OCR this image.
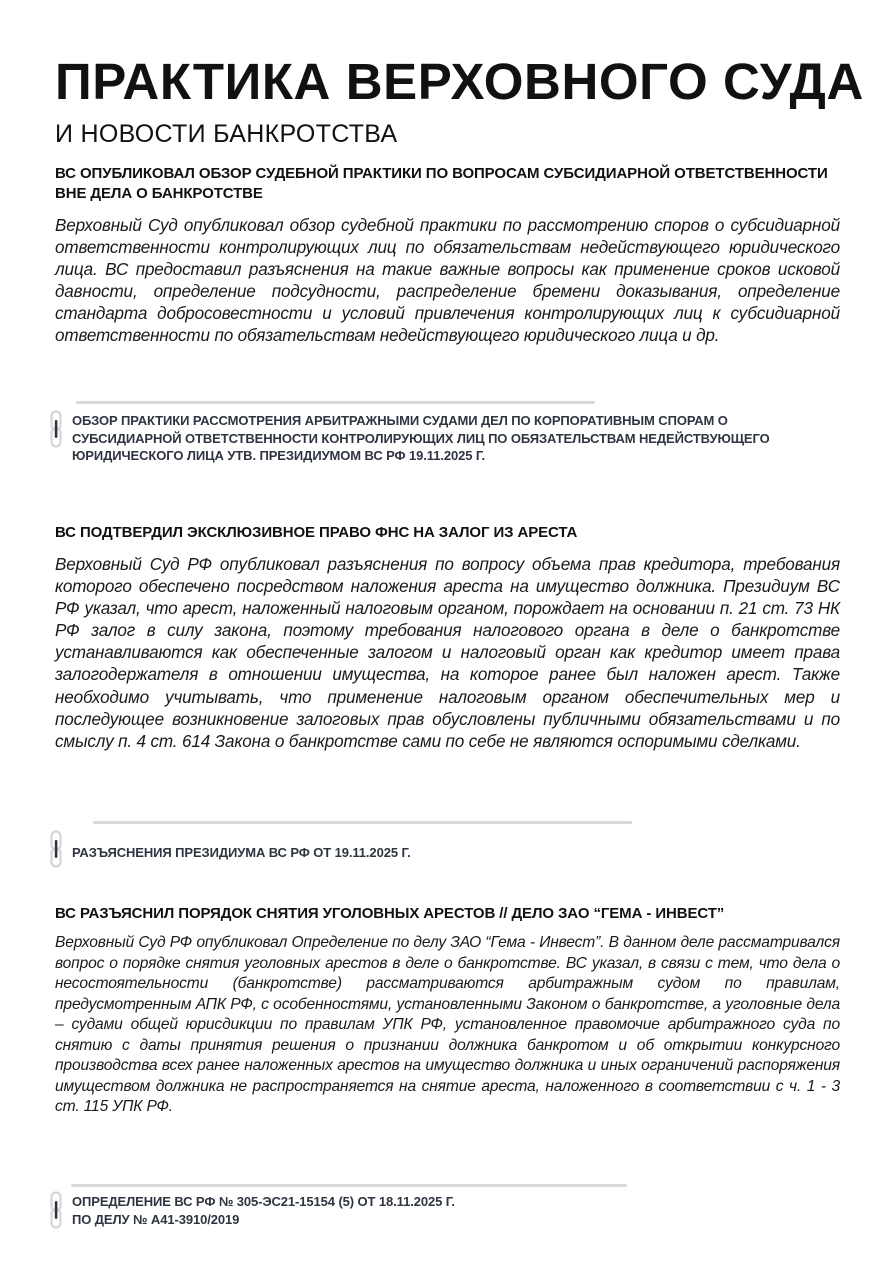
ПРАКТИКА ВЕРХОВНОГО СУДА
И НОВОСТИ БАНКРОТСТВА
ВС ОПУБЛИКОВАЛ ОБЗОР СУДЕБНОЙ ПРАКТИКИ ПО ВОПРОСАМ СУБСИДИАРНОЙ ОТВЕТСТВЕННОСТИ ВНЕ ДЕЛА О БАНКРОТСТВЕ

Верховный Суд опубликовал обзор судебной практики по рассмотрению споров о субсидиарной ответственности контролирующих лиц по обязательствам недействующего юридического лица. ВС предоставил разъяснения на такие важные вопросы как применение сроков исковой давности, определение подсудности, распределение бремени доказывания, определение стандарта добросовестности и условий привлечения контролирующих лиц к субсидиарной ответственности по обязательствам недействующего юридического лица и др.

ОБЗОР ПРАКТИКИ РАССМОТРЕНИЯ АРБИТРАЖНЫМИ СУДАМИ ДЕЛ ПО КОРПОРАТИВНЫМ СПОРАМ О СУБСИДИАРНОЙ ОТВЕТСТВЕННОСТИ КОНТРОЛИРУЮЩИХ ЛИЦ ПО ОБЯЗАТЕЛЬСТВАМ НЕДЕЙСТВУЮЩЕГО ЮРИДИЧЕСКОГО ЛИЦА УТВ. ПРЕЗИДИУМОМ ВС РФ 19.11.2025 Г.
ВС ПОДТВЕРДИЛ ЭКСКЛЮЗИВНОЕ ПРАВО ФНС НА ЗАЛОГ ИЗ АРЕСТА

Верховный Суд РФ опубликовал разъяснения по вопросу объема прав кредитора, требования которого обеспечено посредством наложения ареста на имущество должника. Президиум ВС РФ указал, что арест, наложенный налоговым органом, порождает на основании п. 21 ст. 73 НК РФ залог в силу закона, поэтому требования налогового органа в деле о банкротстве устанавливаются как обеспеченные залогом и налоговый орган как кредитор имеет права залогодержателя в отношении имущества, на которое ранее был наложен арест. Также необходимо учитывать, что применение налоговым органом обеспечительных мер и последующее возникновение залоговых прав обусловлены публичными обязательствами и по смыслу п. 4 ст. 614 Закона о банкротстве сами по себе не являются оспоримыми сделками.

РАЗЪЯСНЕНИЯ ПРЕЗИДИУМА ВС РФ ОТ 19.11.2025 Г.
ВС РАЗЪЯСНИЛ ПОРЯДОК СНЯТИЯ УГОЛОВНЫХ АРЕСТОВ // ДЕЛО ЗАО “ГЕМА - ИНВЕСТ”

Верховный Суд РФ опубликовал Определение по делу ЗАО “Гема - Инвест”. В данном деле рассматривался вопрос о порядке снятия уголовных арестов в деле о банкротстве. ВС указал, в связи с тем, что дела о несостоятельности (банкротстве) рассматриваются арбитражным судом по правилам, предусмотренным АПК РФ, с особенностями, установленными Законом о банкротстве, а уголовные дела – судами общей юрисдикции по правилам УПК РФ, установленное правомочие арбитражного суда по снятию с даты принятия решения о признании должника банкротом и об открытии конкурсного производства всех ранее наложенных арестов на имущество должника и иных ограничений распоряжения имуществом должника не распространяется на снятие ареста, наложенного в соответствии с ч. 1 - 3 ст. 115 УПК РФ.

ОПРЕДЕЛЕНИЕ ВС РФ № 305-ЭС21-15154 (5) ОТ 18.11.2025 Г.
ПО ДЕЛУ № А41-3910/2019
